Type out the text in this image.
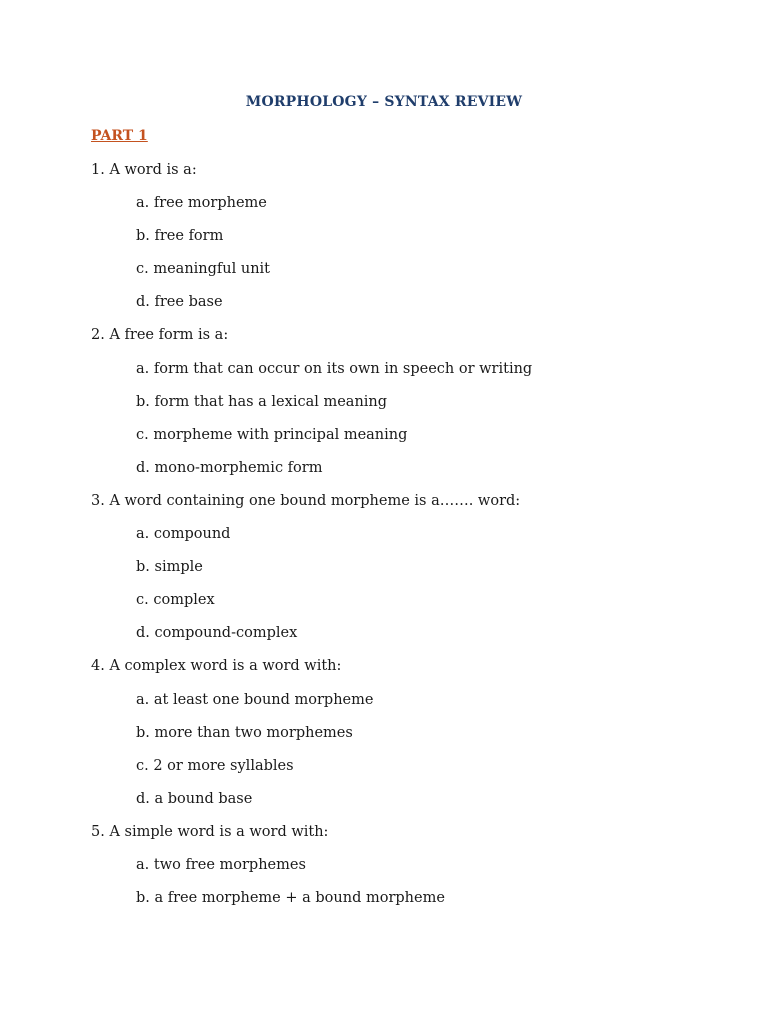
MORPHOLOGY – SYNTAX REVIEW
PART 1
1. A word is a:
a. free morpheme
b. free form
c. meaningful unit
d. free base
2. A free form is a:
a. form that can occur on its own in speech or writing
b. form that has a lexical meaning
c. morpheme with principal meaning
d. mono-morphemic form
3. A word containing one bound morpheme is a……. word:
a. compound
b. simple
c. complex
d. compound-complex
4. A complex word is a word with:
a. at least one bound morpheme
b. more than two morphemes
c. 2 or more syllables
d. a bound base
5. A simple word is a word with:
a. two free morphemes
b. a free morpheme + a bound morpheme
